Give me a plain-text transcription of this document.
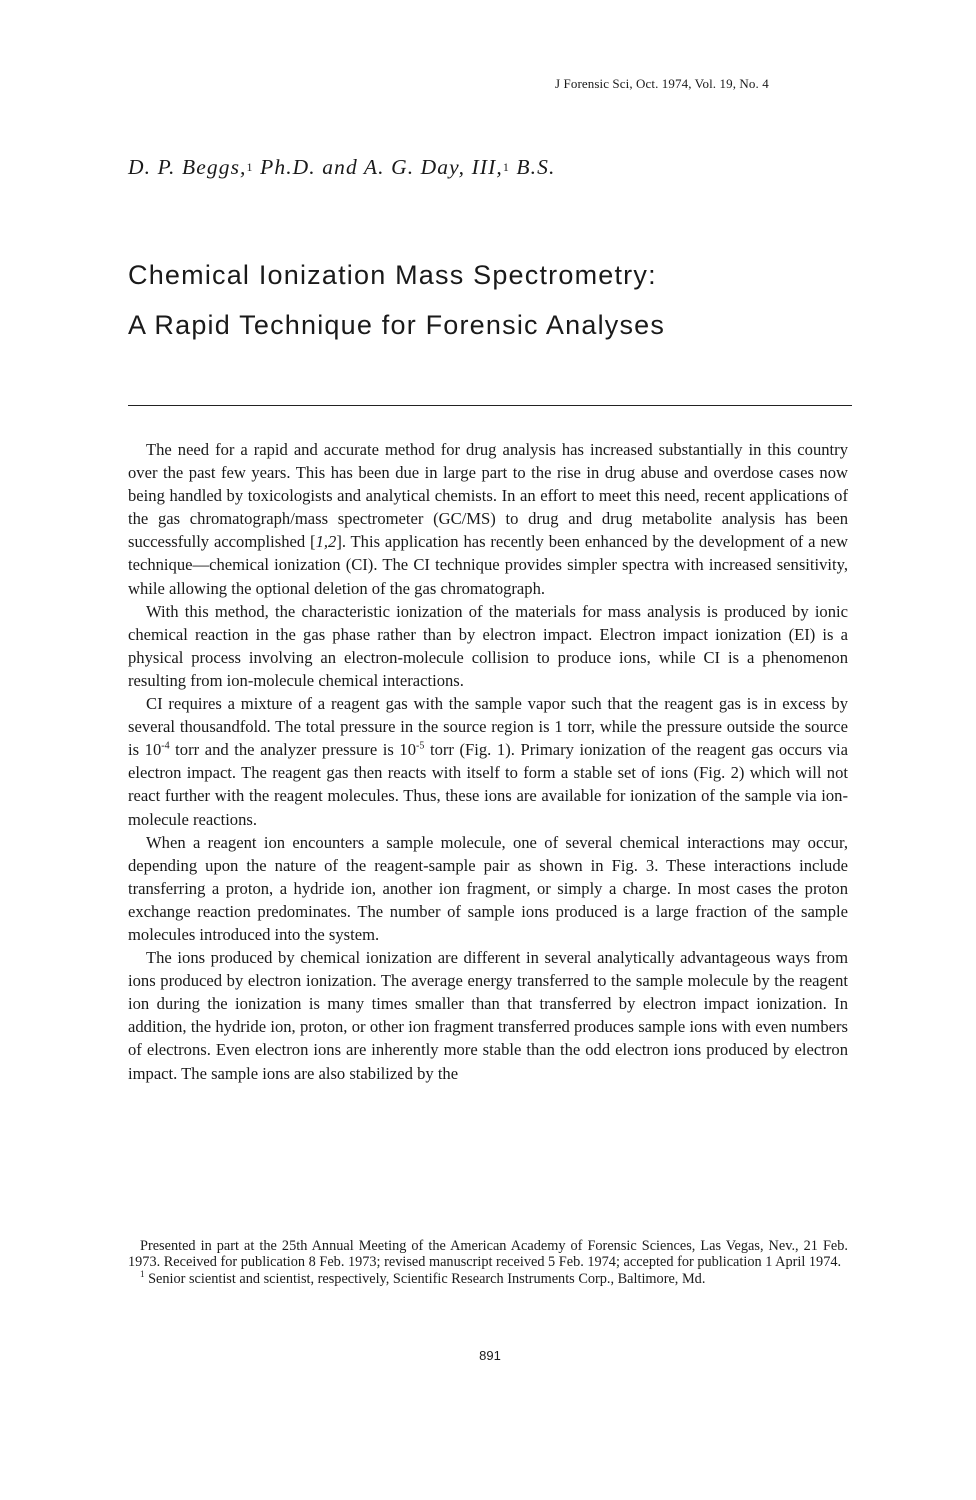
J Forensic Sci, Oct. 1974, Vol. 19, No. 4
D. P. Beggs,$^1$ Ph.D. and A. G. Day, III,$^1$ B.S.
Chemical Ionization Mass Spectrometry:
A Rapid Technique for Forensic Analyses

The need for a rapid and accurate method for drug analysis has increased substantially in this country over the past few years. This has been due in large part to the rise in drug abuse and overdose cases now being handled by toxicologists and analytical chemists. In an effort to meet this need, recent applications of the gas chromatograph/mass spectrometer (GC/MS) to drug and drug metabolite analysis has been successfully accomplished [1,2]. This application has recently been enhanced by the development of a new technique—chemical ionization (CI). The CI technique provides simpler spectra with increased sensitivity, while allowing the optional deletion of the gas chromatograph.

With this method, the characteristic ionization of the materials for mass analysis is produced by ionic chemical reaction in the gas phase rather than by electron impact. Electron impact ionization (EI) is a physical process involving an electron-molecule collision to produce ions, while CI is a phenomenon resulting from ion-molecule chemical interactions.

CI requires a mixture of a reagent gas with the sample vapor such that the reagent gas is in excess by several thousandfold. The total pressure in the source region is 1 torr, while the pressure outside the source is $10^{-4}$ torr and the analyzer pressure is $10^{-5}$ torr (Fig. 1). Primary ionization of the reagent gas occurs via electron impact. The reagent gas then reacts with itself to form a stable set of ions (Fig. 2) which will not react further with the reagent molecules. Thus, these ions are available for ionization of the sample via ion-molecule reactions.

When a reagent ion encounters a sample molecule, one of several chemical interactions may occur, depending upon the nature of the reagent-sample pair as shown in Fig. 3. These interactions include transferring a proton, a hydride ion, another ion fragment, or simply a charge. In most cases the proton exchange reaction predominates. The number of sample ions produced is a large fraction of the sample molecules introduced into the system.

The ions produced by chemical ionization are different in several analytically advantageous ways from ions produced by electron ionization. The average energy transferred to the sample molecule by the reagent ion during the ionization is many times smaller than that transferred by electron impact ionization. In addition, the hydride ion, proton, or other ion fragment transferred produces sample ions with even numbers of electrons. Even electron ions are inherently more stable than the odd electron ions produced by electron impact. The sample ions are also stabilized by the

Presented in part at the 25th Annual Meeting of the American Academy of Forensic Sciences, Las Vegas, Nev., 21 Feb. 1973. Received for publication 8 Feb. 1973; revised manuscript received 5 Feb. 1974; accepted for publication 1 April 1974.

$^1$ Senior scientist and scientist, respectively, Scientific Research Instruments Corp., Baltimore, Md.

891
